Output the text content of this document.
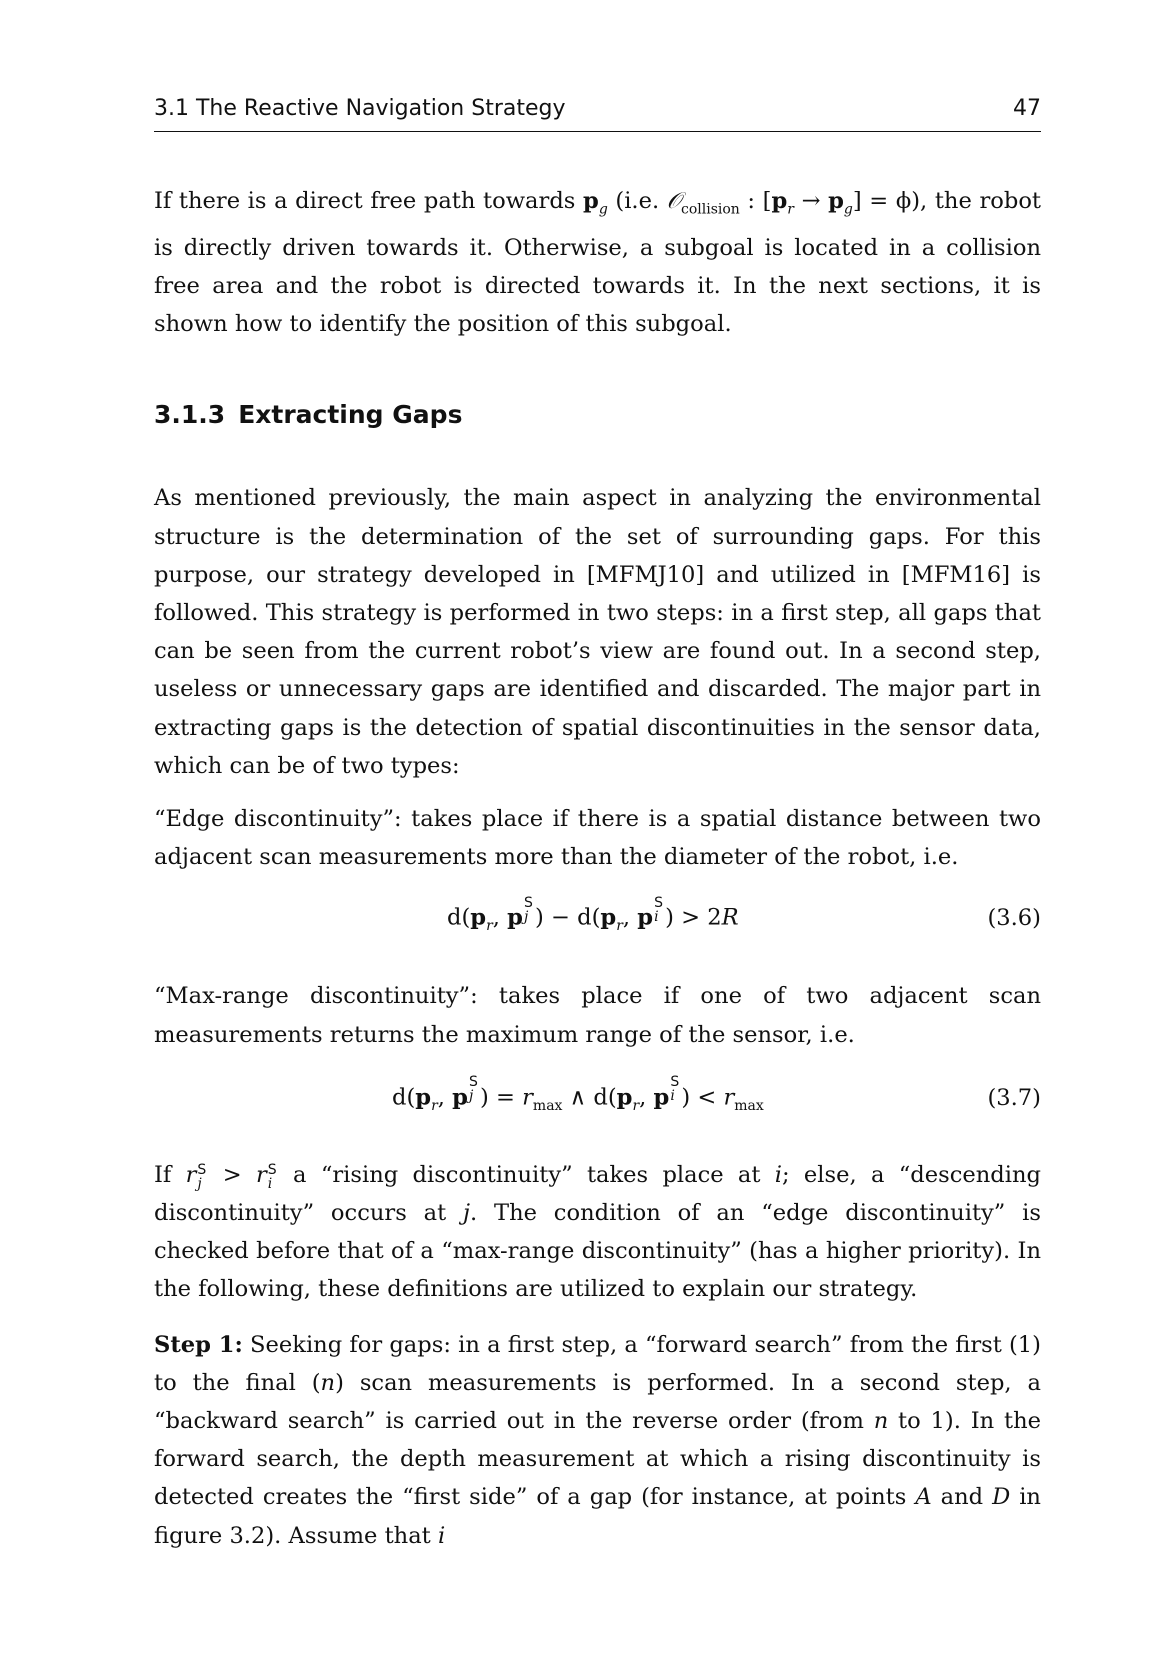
3.1 The Reactive Navigation Strategy	47

If there is a direct free path towards $p_g$ (i.e. 𝒪$_{collision}$ : $[p_r \to p_g] = \phi$), the robot is directly driven towards it. Otherwise, a subgoal is located in a collision free area and the robot is directed towards it. In the next sections, it is shown how to identify the position of this subgoal.

3.1.3 Extracting Gaps

As mentioned previously, the main aspect in analyzing the environmental structure is the determination of the set of surrounding gaps. For this purpose, our strategy developed in [MFMJ10] and utilized in [MFM16] is followed. This strategy is performed in two steps: in a first step, all gaps that can be seen from the current robot’s view are found out. In a second step, useless or unnecessary gaps are identified and discarded. The major part in extracting gaps is the detection of spatial discontinuities in the sensor data, which can be of two types:

“Edge discontinuity”: takes place if there is a spatial distance between two adjacent scan measurements more than the diameter of the robot, i.e.

$d(p_r$, p
S
j ) − $d(p_r$, p
S
i ) > 2R	(3.6)

“Max-range discontinuity”: takes place if one of two adjacent scan measurements returns the maximum range of the sensor, i.e.

$d(p_r$, p
S
j ) = $r_{max}$ ∧ $d(p_r$, p
S
i ) < $r_{max}$	(3.7)

If r S
j > r S
i a “rising discontinuity” takes place at i; else, a “descending discontinuity” occurs at j. The condition of an “edge discontinuity” is checked before that of a “max-range discontinuity” (has a higher priority). In the following, these definitions are utilized to explain our strategy.

Step 1: Seeking for gaps: in a first step, a “forward search” from the first (1) to the final (n) scan measurements is performed. In a second step, a “backward search” is carried out in the reverse order (from n to 1). In the forward search, the depth measurement at which a rising discontinuity is detected creates the “first side” of a gap (for instance, at points A and D in figure 3.2). Assume that i
